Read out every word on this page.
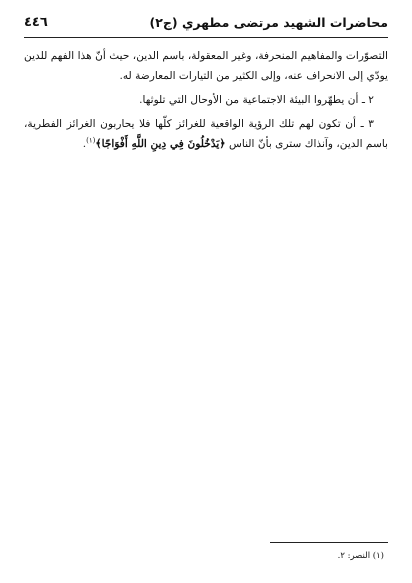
محاضرات الشهيد مرتضى مطهري (ج٢)
٤٤٦

التصوّرات والمفاهيم المنحرفة، وغير المعقولة، باسم الدين، حيث أنّ هذا الفهم للدين يودّي إلى الانحراف عنه، وإلى الكثير من التيارات المعارضة له.

٢ ـ أن يطهّروا البيئة الاجتماعية من الأوحال التي تلوثها.

٣ ـ أن تكون لهم تلك الرؤية الواقعية للغرائز كلّها فلا يحاربون الغرائز الفطرية، باسم الدين، وآنذاك سترى بأنّ الناس ﴿يَدْخُلُونَ فِي دِينِ اللَّهِ أَفْوَاجًا﴾$^{(١)}$.

(١) النصر: ٢.
